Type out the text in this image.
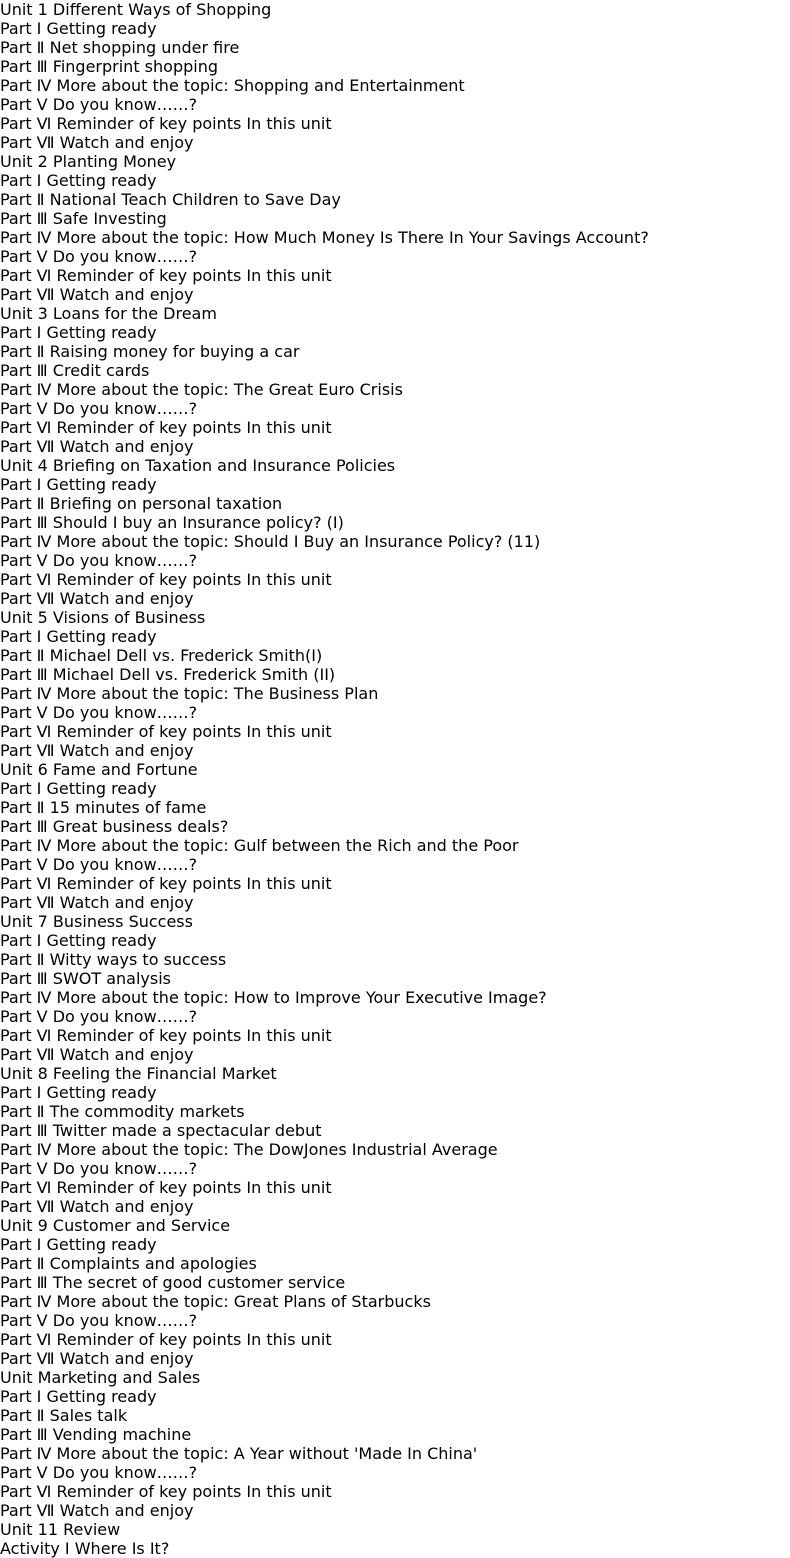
Unit 1 Different Ways of Shopping
Part Ⅰ Getting ready
Part Ⅱ Net shopping under fire
Part Ⅲ Fingerprint shopping
Part Ⅳ More about the topic: Shopping and Entertainment
Part Ⅴ Do you know……?
Part Ⅵ Reminder of key points In this unit
Part Ⅶ Watch and enjoy
Unit 2 Planting Money
Part Ⅰ Getting ready
Part Ⅱ National Teach Children to Save Day
Part Ⅲ Safe Investing
Part Ⅳ More about the topic: How Much Money Is There In Your Savings Account?
Part Ⅴ Do you know……?
Part Ⅵ Reminder of key points In this unit
Part Ⅶ Watch and enjoy
Unit 3 Loans for the Dream
Part Ⅰ Getting ready
Part Ⅱ Raising money for buying a car
Part Ⅲ Credit cards
Part Ⅳ More about the topic: The Great Euro Crisis
Part Ⅴ Do you know……?
Part Ⅵ Reminder of key points In this unit
Part Ⅶ Watch and enjoy
Unit 4 Briefing on Taxation and Insurance Policies
Part Ⅰ Getting ready
Part Ⅱ Briefing on personal taxation
Part Ⅲ Should I buy an Insurance policy? (I)
Part Ⅳ More about the topic: Should I Buy an Insurance Policy? (11)
Part Ⅴ Do you know……?
Part Ⅵ Reminder of key points In this unit
Part Ⅶ Watch and enjoy
Unit 5 Visions of Business
Part Ⅰ Getting ready
Part Ⅱ Michael Dell vs. Frederick Smith(I)
Part Ⅲ Michael Dell vs. Frederick Smith (II)
Part Ⅳ More about the topic: The Business Plan
Part Ⅴ Do you know……?
Part Ⅵ Reminder of key points In this unit
Part Ⅶ Watch and enjoy
Unit 6 Fame and Fortune
Part Ⅰ Getting ready
Part Ⅱ 15 minutes of fame
Part Ⅲ Great business deals?
Part Ⅳ More about the topic: Gulf between the Rich and the Poor
Part Ⅴ Do you know……?
Part Ⅵ Reminder of key points In this unit
Part Ⅶ Watch and enjoy
Unit 7 Business Success
Part Ⅰ Getting ready
Part Ⅱ Witty ways to success
Part Ⅲ SWOT analysis
Part Ⅳ More about the topic: How to Improve Your Executive Image?
Part Ⅴ Do you know……?
Part Ⅵ Reminder of key points In this unit
Part Ⅶ Watch and enjoy
Unit 8 Feeling the Financial Market
Part Ⅰ Getting ready
Part Ⅱ The commodity markets
Part Ⅲ Twitter made a spectacular debut
Part Ⅳ More about the topic: The DowJones Industrial Average
Part Ⅴ Do you know……?
Part Ⅵ Reminder of key points In this unit
Part Ⅶ Watch and enjoy
Unit 9 Customer and Service
Part Ⅰ Getting ready
Part Ⅱ Complaints and apologies
Part Ⅲ The secret of good customer service
Part Ⅳ More about the topic: Great Plans of Starbucks
Part Ⅴ Do you know……?
Part Ⅵ Reminder of key points In this unit
Part Ⅶ Watch and enjoy
Unit Marketing and Sales
Part Ⅰ Getting ready
Part Ⅱ Sales talk
Part Ⅲ Vending machine
Part Ⅳ More about the topic: A Year without 'Made In China'
Part Ⅴ Do you know……?
Part Ⅵ Reminder of key points In this unit
Part Ⅶ Watch and enjoy
Unit 11 Review
Activity Ⅰ Where Is It?
